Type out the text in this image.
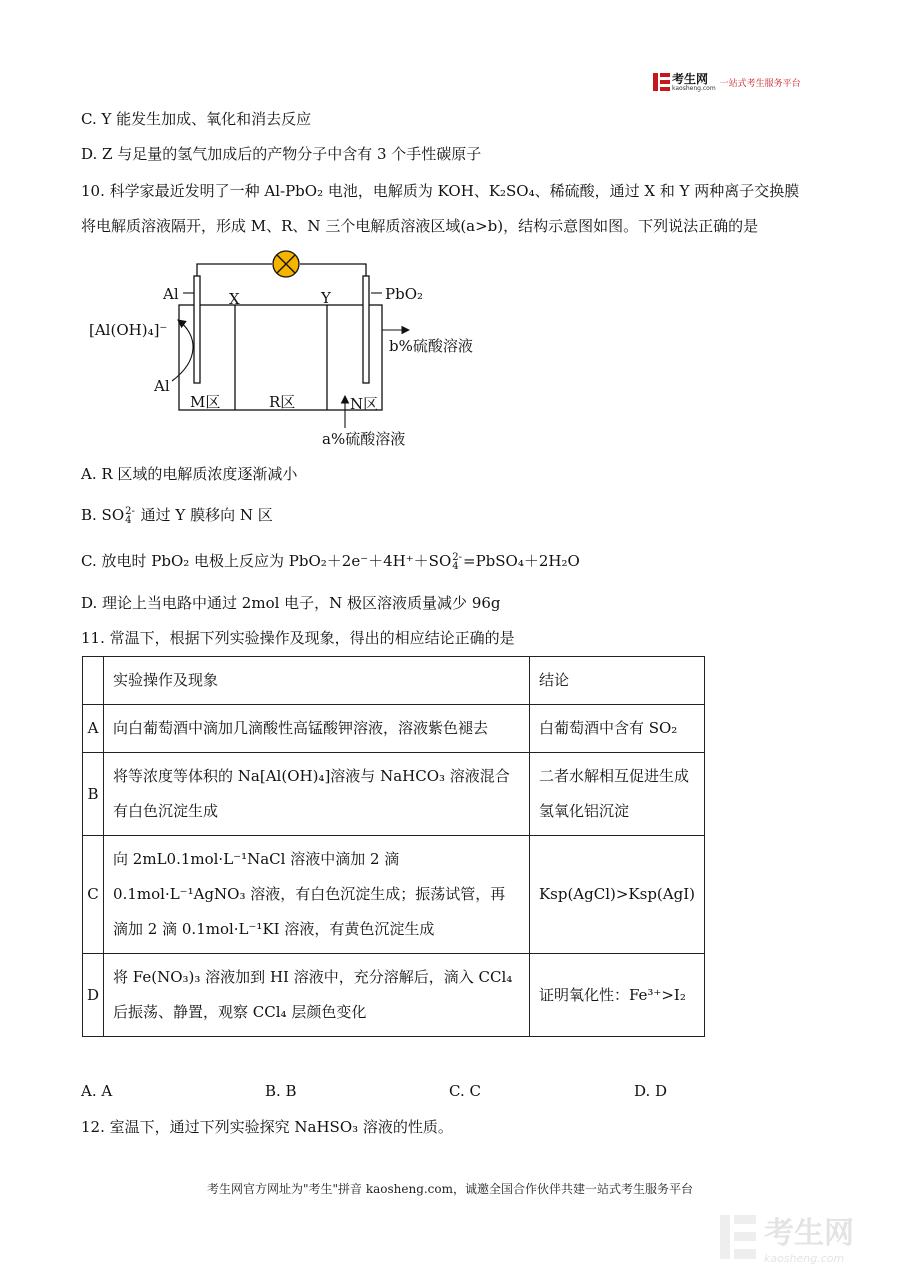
考生网
kaosheng.com 一站式考生服务平台
C. Y 能发生加成、氧化和消去反应
D. Z 与足量的氢气加成后的产物分子中含有 3 个手性碳原子
10. 科学家最近发明了一种 Al-PbO₂ 电池，电解质为 KOH、K₂SO₄、稀硫酸，通过 X 和 Y 两种离子交换膜
将电解质溶液隔开，形成 M、R、N 三个电解质溶液区域(a>b)，结构示意图如图。下列说法正确的是
Al	X	Y	PbO₂
[Al(OH)₄]⁻
Al
b%硫酸溶液
M区	R区	N区
a%硫酸溶液
A. R 区域的电解质浓度逐渐减小
B. SO 2-
4 通过 Y 膜移向 N 区
C. 放电时 PbO₂ 电极上反应为 PbO₂＋2e⁻＋4H⁺＋SO 2-
4 =PbSO₄＋2H₂O
D. 理论上当电路中通过 2mol 电子，N 极区溶液质量减少 96g
11. 常温下，根据下列实验操作及现象，得出的相应结论正确的是
	实验操作及现象	结论
A	向白葡萄酒中滴加几滴酸性高锰酸钾溶液，溶液紫色褪去	白葡萄酒中含有 SO₂
B	将等浓度等体积的 Na[Al(OH)₄]溶液与 NaHCO₃ 溶液混合有白色沉淀生成	二者水解相互促进生成氢氧化铝沉淀
C	向 2mL0.1mol·L⁻¹NaCl 溶液中滴加 2 滴 0.1mol·L⁻¹AgNO₃ 溶液，有白色沉淀生成；振荡试管，再滴加 2 滴 0.1mol·L⁻¹KI 溶液，有黄色沉淀生成	Ksp(AgCl)>Ksp(AgI)
D	将 Fe(NO₃)₃ 溶液加到 HI 溶液中，充分溶解后，滴入 CCl₄ 后振荡、静置，观察 CCl₄ 层颜色变化	证明氧化性：Fe³⁺>I₂
A. A	B. B	C. C	D. D
12. 室温下，通过下列实验探究 NaHSO₃ 溶液的性质。
考生网官方网址为"考生"拼音 kaosheng.com，诚邀全国合作伙伴共建一站式考生服务平台
考生网
kaosheng.com
